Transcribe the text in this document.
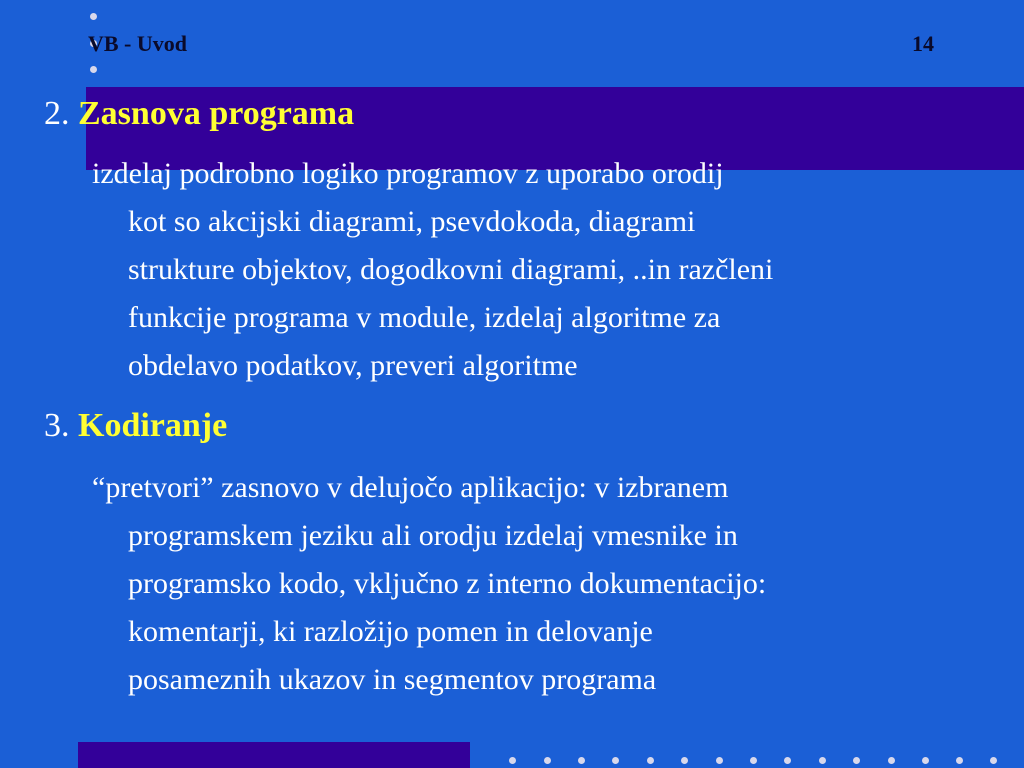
VB - Uvod	14
2. Zasnova programa
izdelaj podrobno logiko programov z uporabo orodij
kot so akcijski diagrami, psevdokoda, diagrami
strukture objektov, dogodkovni diagrami, ..in razčleni
funkcije programa v module, izdelaj algoritme za
obdelavo podatkov, preveri algoritme
3. Kodiranje
“pretvori” zasnovo v delujočo aplikacijo: v izbranem
programskem jeziku ali orodju izdelaj vmesnike in
programsko kodo, vključno z interno dokumentacijo:
komentarji, ki razložijo pomen in delovanje
posameznih ukazov in segmentov programa
